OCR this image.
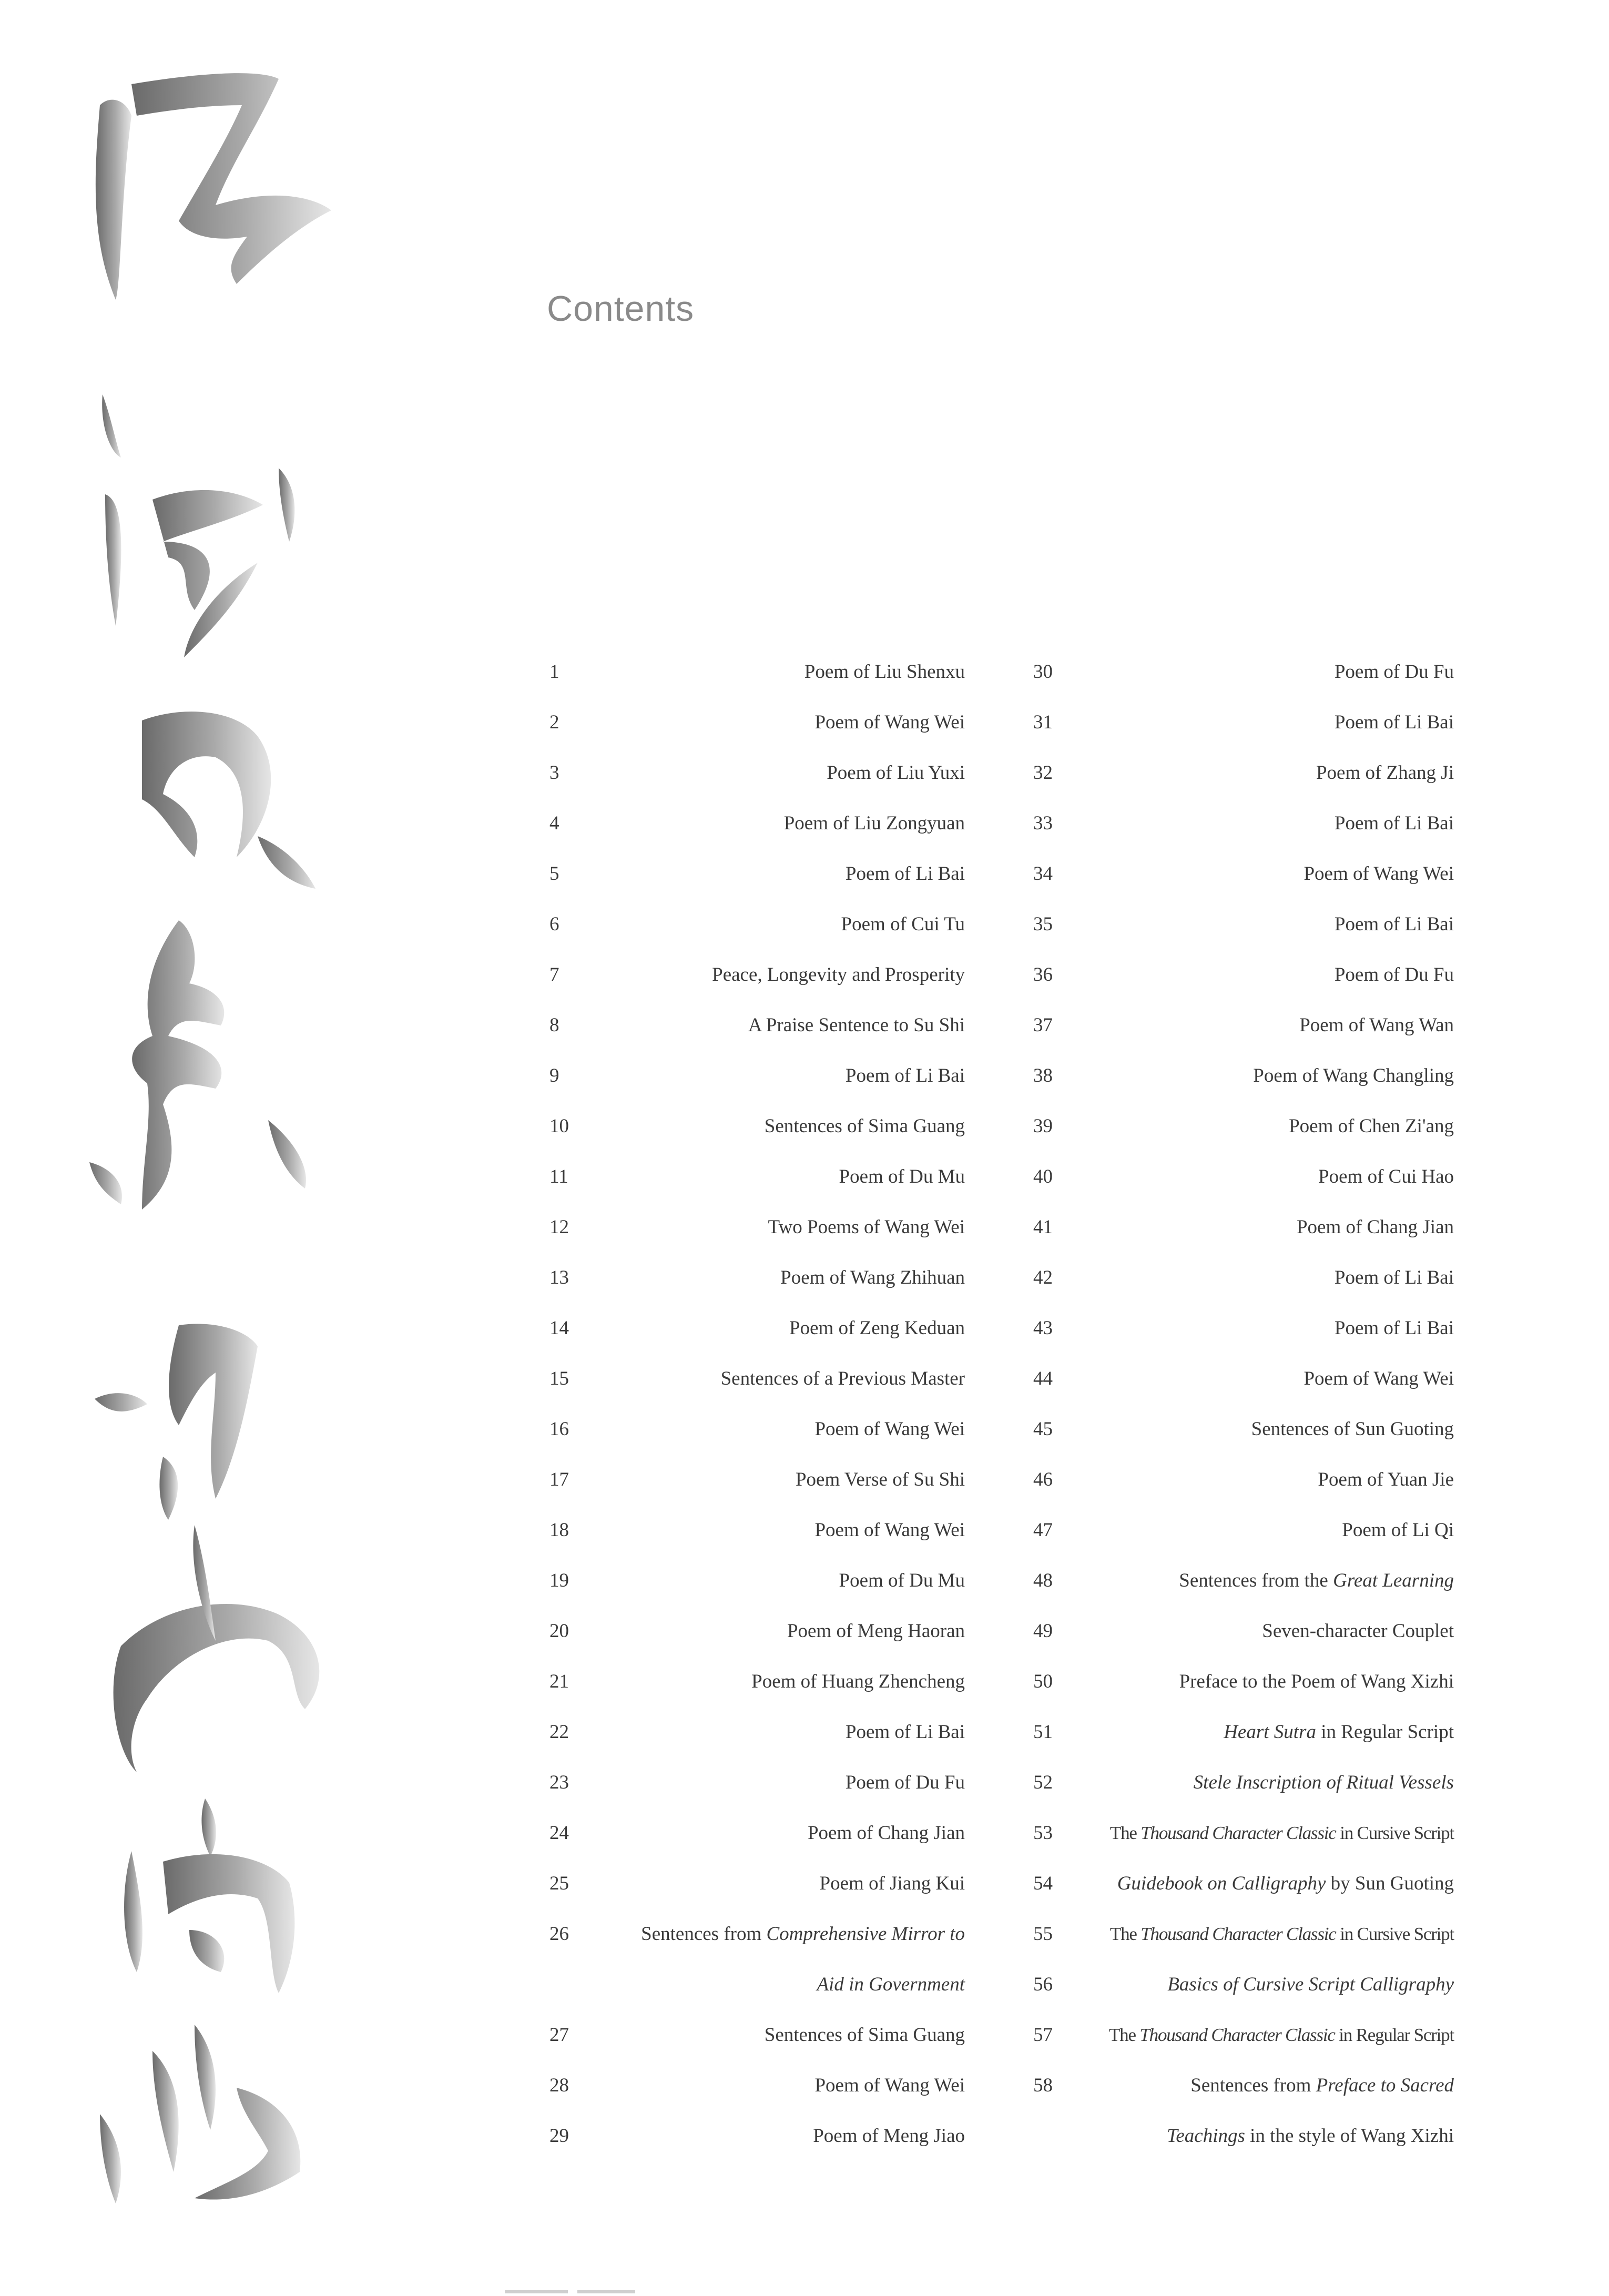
Contents
1	Poem of Liu Shenxu
2	Poem of Wang Wei
3	Poem of Liu Yuxi
4	Poem of Liu Zongyuan
5	Poem of Li Bai
6	Poem of Cui Tu
7	Peace, Longevity and Prosperity
8	A Praise Sentence to Su Shi
9	Poem of Li Bai
10	Sentences of Sima Guang
11	Poem of Du Mu
12	Two Poems of Wang Wei
13	Poem of Wang Zhihuan
14	Poem of Zeng Keduan
15	Sentences of a Previous Master
16	Poem of Wang Wei
17	Poem Verse of Su Shi
18	Poem of Wang Wei
19	Poem of Du Mu
20	Poem of Meng Haoran
21	Poem of Huang Zhencheng
22	Poem of Li Bai
23	Poem of Du Fu
24	Poem of Chang Jian
25	Poem of Jiang Kui
26	Sentences from Comprehensive Mirror to
Aid in Government
27	Sentences of Sima Guang
28	Poem of Wang Wei
29	Poem of Meng Jiao
30	Poem of Du Fu
31	Poem of Li Bai
32	Poem of Zhang Ji
33	Poem of Li Bai
34	Poem of Wang Wei
35	Poem of Li Bai
36	Poem of Du Fu
37	Poem of Wang Wan
38	Poem of Wang Changling
39	Poem of Chen Zi'ang
40	Poem of Cui Hao
41	Poem of Chang Jian
42	Poem of Li Bai
43	Poem of Li Bai
44	Poem of Wang Wei
45	Sentences of Sun Guoting
46	Poem of Yuan Jie
47	Poem of Li Qi
48	Sentences from the Great Learning
49	Seven-character Couplet
50	Preface to the Poem of Wang Xizhi
51	Heart Sutra in Regular Script
52	Stele Inscription of Ritual Vessels
53	The Thousand Character Classic in Cursive Script
54	Guidebook on Calligraphy by Sun Guoting
55	The Thousand Character Classic in Cursive Script
56	Basics of Cursive Script Calligraphy
57	The Thousand Character Classic in Regular Script
58	Sentences from Preface to Sacred
Teachings in the style of Wang Xizhi
